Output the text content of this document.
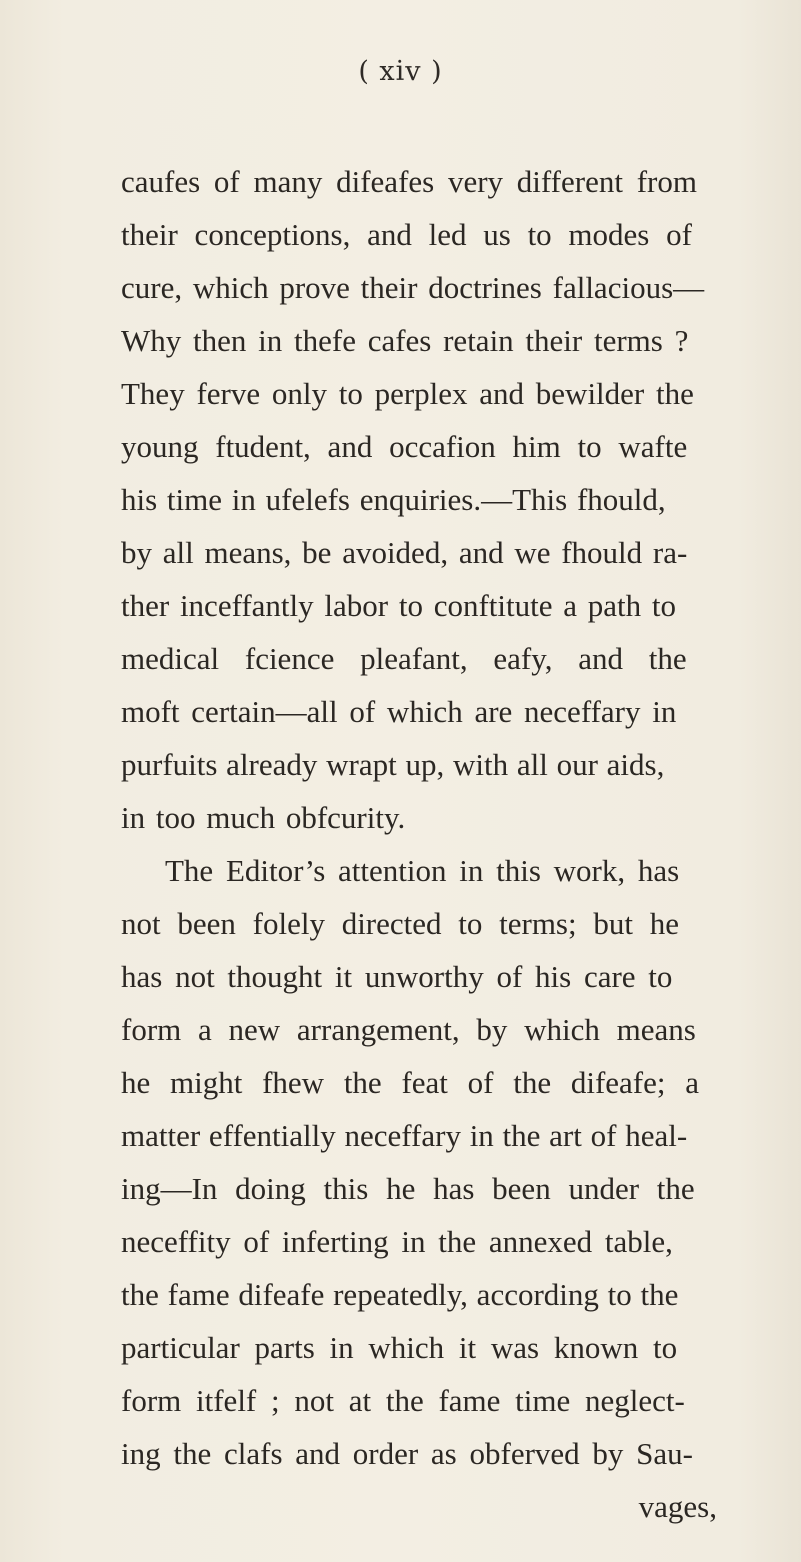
( xiv )
caufes of many difeafes very different from
their conceptions, and led us to modes of
cure, which prove their doctrines fallacious—
Why then in thefe cafes retain their terms ?
They ferve only to perplex and bewilder the
young ftudent, and occafion him to wafte
his time in ufelefs enquiries.—This fhould,
by all means, be avoided, and we fhould ra-
ther inceffantly labor to conftitute a path to
medical fcience pleafant, eafy, and the
moft certain—all of which are neceffary in
purfuits already wrapt up, with all our aids,
in too much obfcurity.
The Editor’s attention in this work, has
not been folely directed to terms; but he
has not thought it unworthy of his care to
form a new arrangement, by which means
he might fhew the feat of the difeafe; a
matter effentially neceffary in the art of heal-
ing—In doing this he has been under the
neceffity of inferting in the annexed table,
the fame difeafe repeatedly, according to the
particular parts in which it was known to
form itfelf ; not at the fame time neglect-
ing the clafs and order as obferved by Sau-
vages,
